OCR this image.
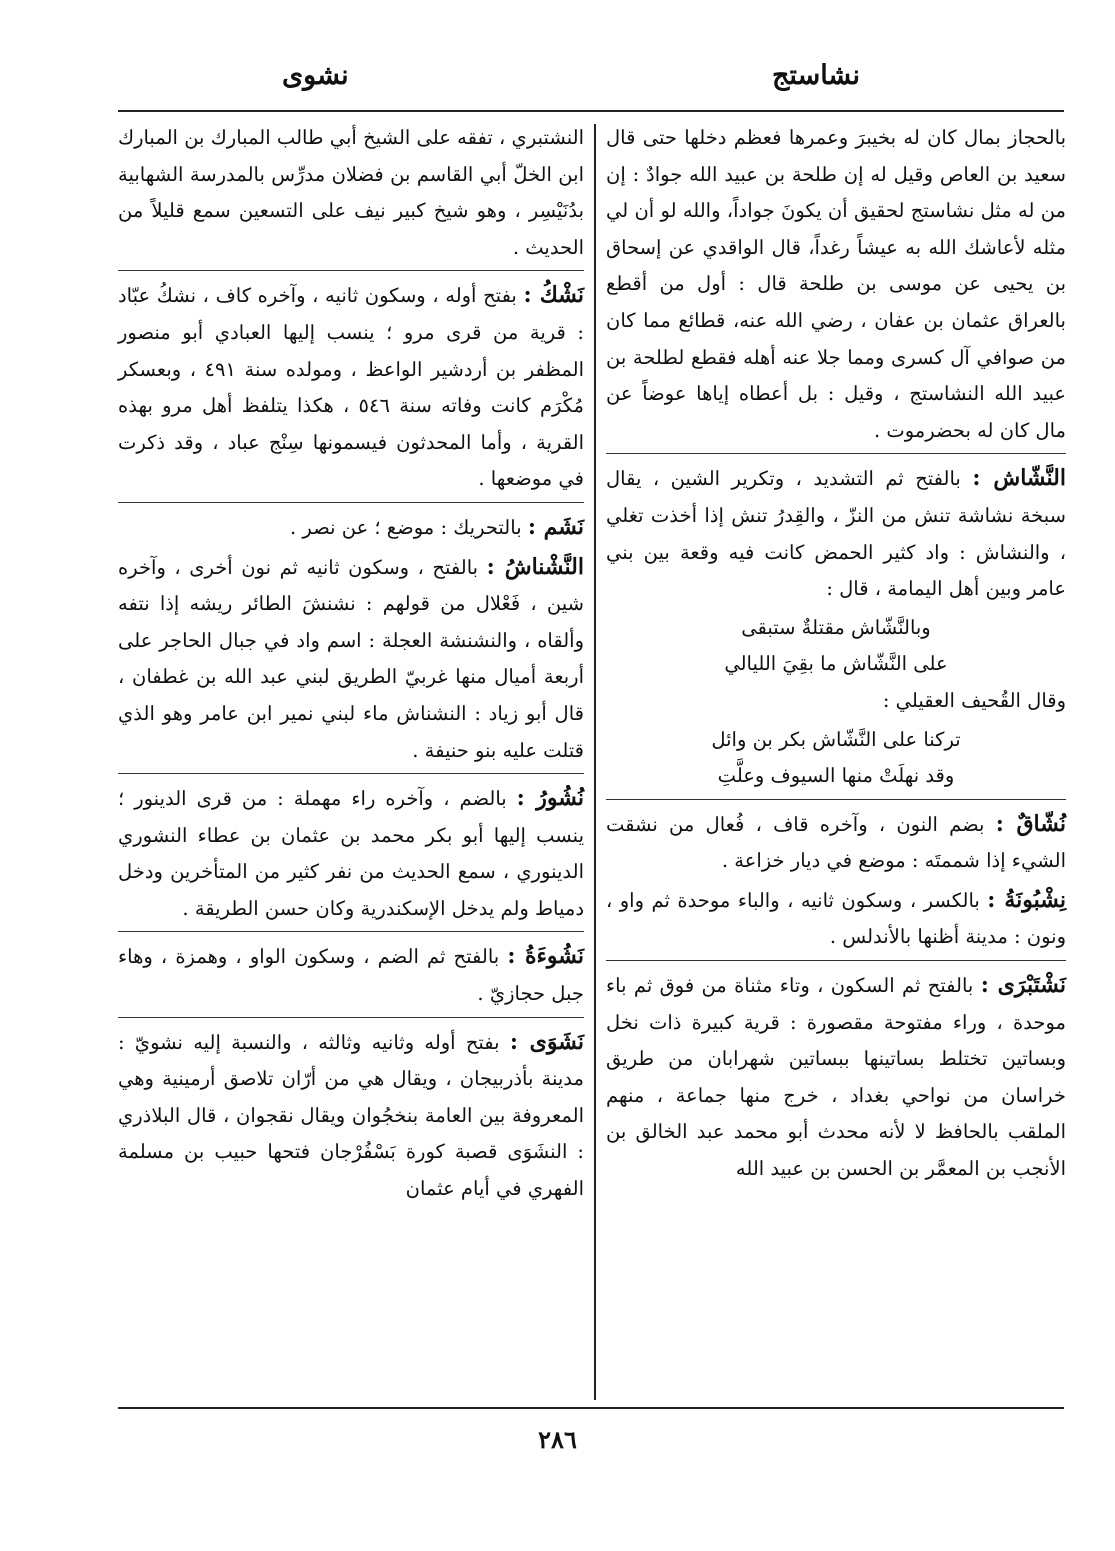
نشاستج
نشوى

بالحجاز بمال كان له بخيبرَ وعمرها فعظم دخلها حتى قال سعيد بن العاص وقيل له إن طلحة بن عبيد الله جوادٌ : إن من له مثل نشاستج لحقيق أن يكونَ جواداً، والله لو أن لي مثله لأعاشك الله به عيشاً رغداً، قال الواقدي عن إسحاق بن يحيى عن موسى بن طلحة قال : أول من أقطع بالعراق عثمان بن عفان ، رضي الله عنه، قطائع مما كان من صوافي آل كسرى ومما جلا عنه أهله فقطع لطلحة بن عبيد الله النشاستج ، وقيل : بل أعطاه إياها عوضاً عن مال كان له بحضرموت .

النَّشّاش : بالفتح ثم التشديد ، وتكرير الشين ، يقال سبخة نشاشة تنش من النزّ ، والقِدرُ تنش إذا أخذت تغلي ، والنشاش : واد كثير الحمض كانت فيه وقعة بين بني عامر وبين أهل اليمامة ، قال :

وبالنَّشّاش مقتلةٌ ستبقى
على النَّشّاش ما بقِيَ الليالي

وقال القُحيف العقيلي :

تركنا على النَّشّاش بكر بن وائل
وقد نهلَتْ منها السيوف وعلَّتِ

نُشّاقٌ : بضم النون ، وآخره قاف ، فُعال من نشقت الشيء إذا شممتَه : موضع في ديار خزاعة .

نِشْبُونَةُ : بالكسر ، وسكون ثانيه ، والباء موحدة ثم واو ، ونون : مدينة أظنها بالأندلس .

نَشْتَبْرَى : بالفتح ثم السكون ، وتاء مثناة من فوق ثم باء موحدة ، وراء مفتوحة مقصورة : قرية كبيرة ذات نخل وبساتين تختلط بساتينها ببساتين شهرابان من طريق خراسان من نواحي بغداد ، خرج منها جماعة ، منهم الملقب بالحافظ لا لأنه محدث أبو محمد عبد الخالق بن الأنجب بن المعمَّر بن الحسن بن عبيد الله

النشتبري ، تفقه على الشيخ أبي طالب المبارك بن المبارك ابن الخلّ أبي القاسم بن فضلان مدرِّس بالمدرسة الشهابية بدُنَيْسِر ، وهو شيخ كبير نيف على التسعين سمع قليلاً من الحديث .

نَشْكُ : بفتح أوله ، وسكون ثانيه ، وآخره كاف ، نشكُ عبّاد : قرية من قرى مرو ؛ ينسب إليها العبادي أبو منصور المظفر بن أردشير الواعظ ، ومولده سنة ٤٩١ ، وبعسكر مُكْرَم كانت وفاته سنة ٥٤٦ ، هكذا يتلفظ أهل مرو بهذه القرية ، وأما المحدثون فيسمونها سِنْج عباد ، وقد ذكرت في موضعها .

نَشَم : بالتحريك : موضع ؛ عن نصر .

النَّشْناشُ : بالفتح ، وسكون ثانيه ثم نون أخرى ، وآخره شين ، فَعْلال من قولهم : نشنشَ الطائر ريشه إذا نتفه وألقاه ، والنشنشة العجلة : اسم واد في جبال الحاجر على أربعة أميال منها غربيّ الطريق لبني عبد الله بن غطفان ، قال أبو زياد : النشناش ماء لبني نمير ابن عامر وهو الذي قتلت عليه بنو حنيفة .

نُشُورُ : بالضم ، وآخره راء مهملة : من قرى الدينور ؛ ينسب إليها أبو بكر محمد بن عثمان بن عطاء النشوري الدينوري ، سمع الحديث من نفر كثير من المتأخرين ودخل دمياط ولم يدخل الإسكندرية وكان حسن الطريقة .

نَشُوءَةُ : بالفتح ثم الضم ، وسكون الواو ، وهمزة ، وهاء جبل حجازيّ .

نَشَوَى : بفتح أوله وثانيه وثالثه ، والنسبة إليه نشويّ : مدينة بأذربيجان ، ويقال هي من أرّان تلاصق أرمينية وهي المعروفة بين العامة بنخجُوان ويقال نقجوان ، قال البلاذري : النشَوَى قصبة كورة بَسْفُرْجان فتحها حبيب بن مسلمة الفهري في أيام عثمان

٢٨٦
